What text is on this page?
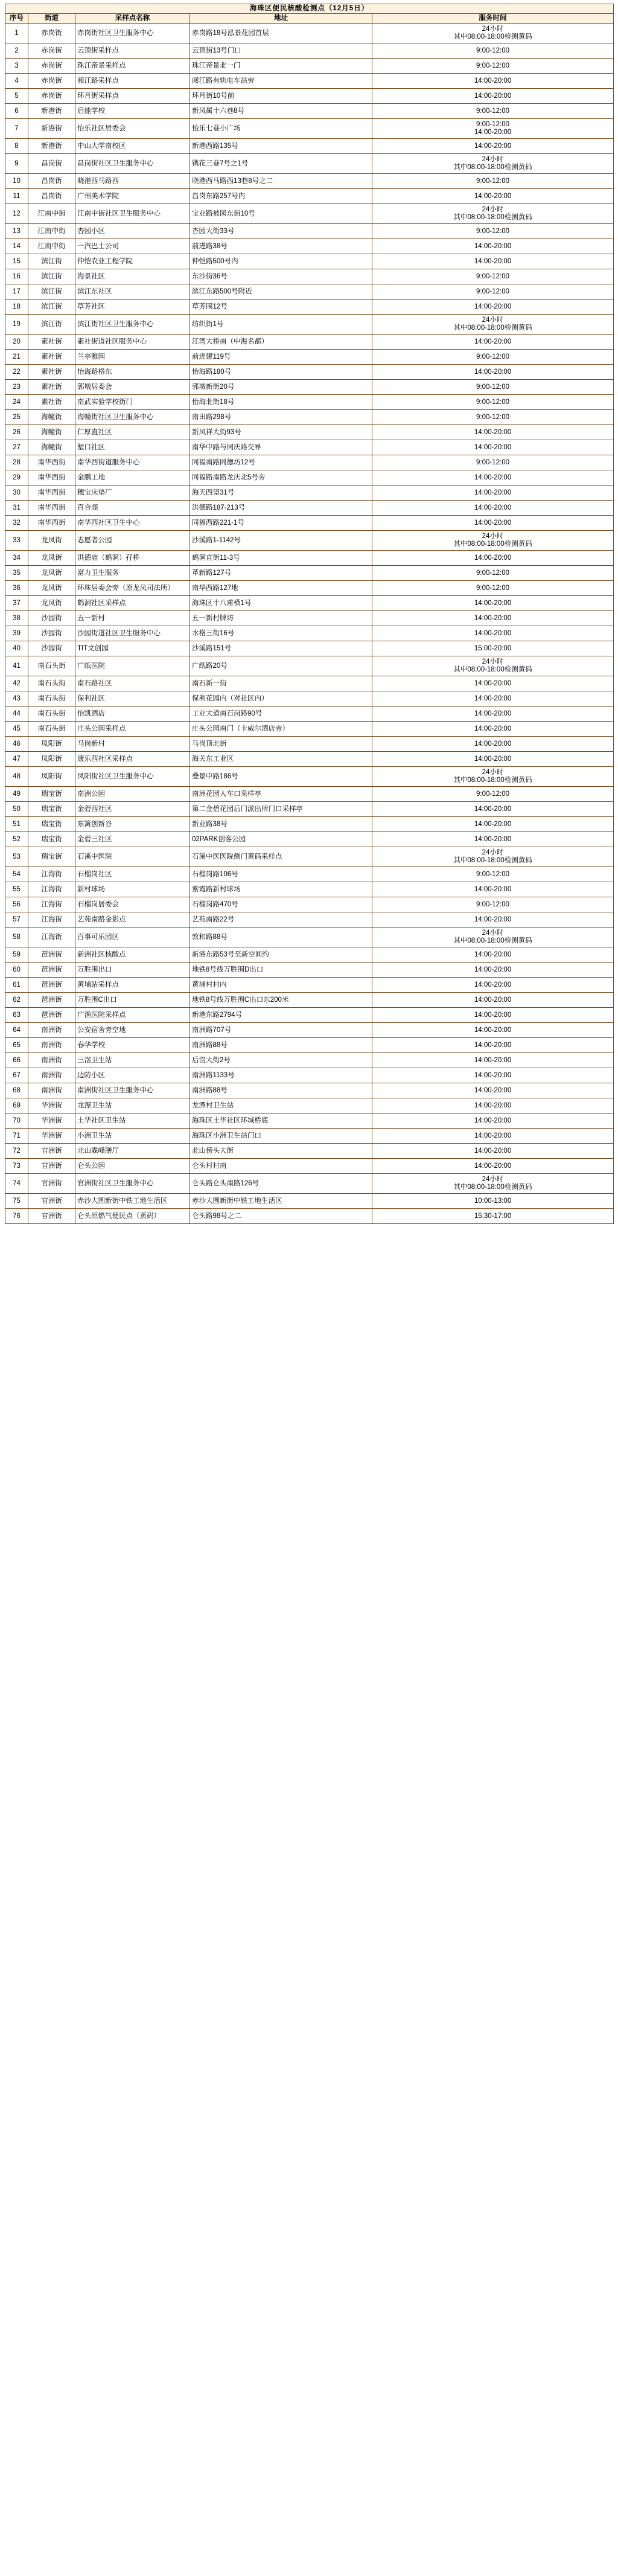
海珠区便民核酸检测点（12月5日）				
序号	街道	采样点名称	地址	服务时间
1	赤岗街	赤岗街社区卫生服务中心	赤岗路18号泓景花园首层	24小时
其中08:00-18:00检测黄码

2	赤岗街	云顶街采样点	云顶街13号门口	9:00-12:00

3	赤岗街	珠江帝景采样点	珠江帝景北一门	9:00-12:00

4	赤岗街	阅江路采样点	阅江路有轨电车站旁	14:00-20:00

5	赤岗街	环月街采样点	环月街10号前	14:00-20:00

6	新港街	启能学校	新凤属十六巷8号	9:00-12:00

7	新港街	怡乐社区居委会	怡乐七巷小广场	9:00-12:00
14:00-20:00

8	新港街	中山大学南校区	新港西路135号	14:00-20:00

9	昌岗街	昌岗街社区卫生服务中心	镌花三巷7号之1号	24小时
其中08:00-18:00检测黄码

10	昌岗街	晓港西马路西	晓港西马路西13巷8号之二	9:00-12:00

11	昌岗街	广州美术学院	昌岗东路257号内	14:00-20:00

12	江南中街	江南中街社区卫生服务中心	宝业路被园东街10号	24小时
其中08:00-18:00检测黄码

13	江南中街	杏园小区	杏园大街33号	9:00-12:00

14	江南中街	一汽巴士公司	前进路38号	14:00-20:00

15	滨江街	仲恺农业工程学院	仲恺路500号内	14:00-20:00

16	滨江街	海景社区	东沙街36号	9:00-12:00

17	滨江街	滨江东社区	滨江东路500号附近	9:00-12:00

18	滨江街	草芳社区	草芳围12号	14:00-20:00

19	滨江街	滨江街社区卫生服务中心	纺织街1号	24小时
其中08:00-18:00检测黄码

20	素社街	素社街道社区服务中心	江湾大桥南（中海名都）	14:00-20:00

21	素社街	兰亭雅园	前进建119号	9:00-12:00

22	素社街	怡海路格东	怡海路180号	14:00-20:00

23	素社街	郭墩居委会	郭墩新街20号	9:00-12:00

24	素社街	南武实验学校街门	怡海北街18号	9:00-12:00

25	海幢街	海幢街社区卫生服务中心	南田路298号	9:00-12:00

26	海幢街	仁厚直社区	新凤祥大街93号	14:00-20:00

27	海幢街	堑口社区	南华中路与同庆路交界	14:00-20:00

28	南华西街	南华西街道服务中心	同福南路同德坊12号	9:00-12:00

29	南华西街	金鹏工地	同福路南路龙庆北5号旁	14:00-20:00

30	南华西街	穗宝床垫厂	海天四望31号	14:00-20:00

31	南华西街	百合阁	洪德路187-213号	14:00-20:00

32	南华西街	南华西社区卫生中心	同福西路221-1号	14:00-20:00

33	龙凤街	志愿者公园	沙溪路1-1142号	24小时
其中08:00-18:00检测黄码

34	龙凤街	洪德庙（鹤洞）孖桥	鹤洞直街11-3号	14:00-20:00

35	龙凤街	富力卫生服务	革新路127号	9:00-12:00

36	龙凤街	环珠居委会旁（原龙凤司法所）	南华西路127地	9:00-12:00

37	龙凤街	鹤洞社区采样点	海珠区十八甫横1号	14:00-20:00

38	沙园街	五一新村	五一新村牌坊	14:00-20:00

39	沙园街	沙园街道社区卫生服务中心	水格三街16号	14:00-20:00

40	沙园街	TIT文创园	沙溪路151号	15:00-20:00

41	南石头街	广纸医院	广纸路20号	24小时
其中08:00-18:00检测黄码

42	南石头街	南石路社区	南石新一街	14:00-20:00

43	南石头街	保利社区	保利花园内（对社区内）	14:00-20:00

44	南石头街	怡凯酒店	工业大道南石岗路90号	14:00-20:00

45	南石头街	庄头公园采样点	庄头公园南门（卡威尔酒店旁）	14:00-20:00

46	凤阳街	马岗新村	马岗顶北街	14:00-20:00

47	凤阳街	康乐西社区采样点	海关东工业区	14:00-20:00

48	凤阳街	凤阳街社区卫生服务中心	叠景中路186号	24小时
其中08:00-18:00检测黄码

49	瑞宝街	南洲公园	南洲花园人车口采样亭	9:00-12:00

50	瑞宝街	金碧西社区	第二金碧花园后门派出所门口采样亭	14:00-20:00

51	瑞宝街	东篱创新谷	新业路38号	14:00-20:00

52	瑞宝街	金碧三社区	02PARK创客公园	14:00-20:00

53	瑞宝街	石溪中医院	石溪中医医院侧门黄码采样点	24小时
其中08:00-18:00检测黄码

54	江海街	石榴岗社区	石榴岗路106号	9:00-12:00

55	江海街	新村球场	紫霞路新村球场	14:00-20:00

56	江海街	石榴岗居委会	石榴岗路470号	9:00-12:00

57	江海街	艺苑南路金影点	艺苑南路22号	14:00-20:00

58	江海街	百事可乐园区	敦和路88号	24小时
其中08:00-18:00检测黄码

59	琶洲街	新洲社区核酸点	新港东路53号至新空间约	14:00-20:00

60	琶洲街	万胜围出口	地铁8号线万胜围D出口	14:00-20:00

61	琶洲街	黄埔站采样点	黄埔村村内	14:00-20:00

62	琶洲街	万胜围C出口	地铁8号线万胜围C出口东200米	14:00-20:00

63	琶洲街	广渔医院采样点	新港东路2794号	14:00-20:00

64	南洲街	公安宿舍旁空地	南洲路707号	14:00-20:00

65	南洲街	春华学校	南洲路88号	14:00-20:00

66	南洲街	三滘卫生站	后滘大街2号	14:00-20:00

67	南洲街	边防小区	南洲路1133号	14:00-20:00

68	南洲街	南洲街社区卫生服务中心	南洲路88号	14:00-20:00

69	华洲街	龙潭卫生站	龙潭村卫生站	14:00-20:00

70	华洲街	土华社区卫生站	海珠区土华社区环城桥底	14:00-20:00

71	华洲街	小洲卫生站	海珠区小洲卫生站门口	14:00-20:00

72	官洲街	北山霖峰膳厅	北山傍头大街	14:00-20:00

73	官洲街	仑头公园	仑头村村南	14:00-20:00

74	官洲街	官洲街社区卫生服务中心	仑头路仑头南路126号	24小时
其中08:00-18:00检测黄码

75	官洲街	赤沙大围新街中铁工地生活区	赤沙大围新街中铁工地生活区	10:00-13:00

76	官洲街	仑头原燃气便民点（黄码）	仑头路98号之二	15:30-17:00
